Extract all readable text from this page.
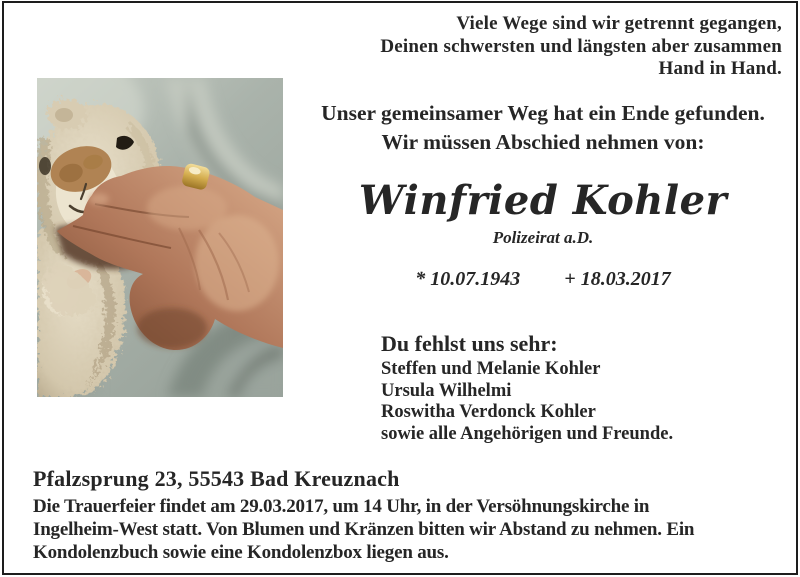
Viele Wege sind wir getrennt gegangen,
Deinen schwersten und längsten aber zusammen
Hand in Hand.
Unser gemeinsamer Weg hat ein Ende gefunden.
Wir müssen Abschied nehmen von:
Winfried Kohler
Polizeirat a.D.
* 10.07.1943 + 18.03.2017
Du fehlst uns sehr:
Steffen und Melanie Kohler
Ursula Wilhelmi
Roswitha Verdonck Kohler
sowie alle Angehörigen und Freunde.
Pfalzsprung 23, 55543 Bad Kreuznach
Die Trauerfeier findet am 29.03.2017, um 14 Uhr, in der Versöhnungskirche in
Ingelheim-West statt. Von Blumen und Kränzen bitten wir Abstand zu nehmen. Ein
Kondolenzbuch sowie eine Kondolenzbox liegen aus.
